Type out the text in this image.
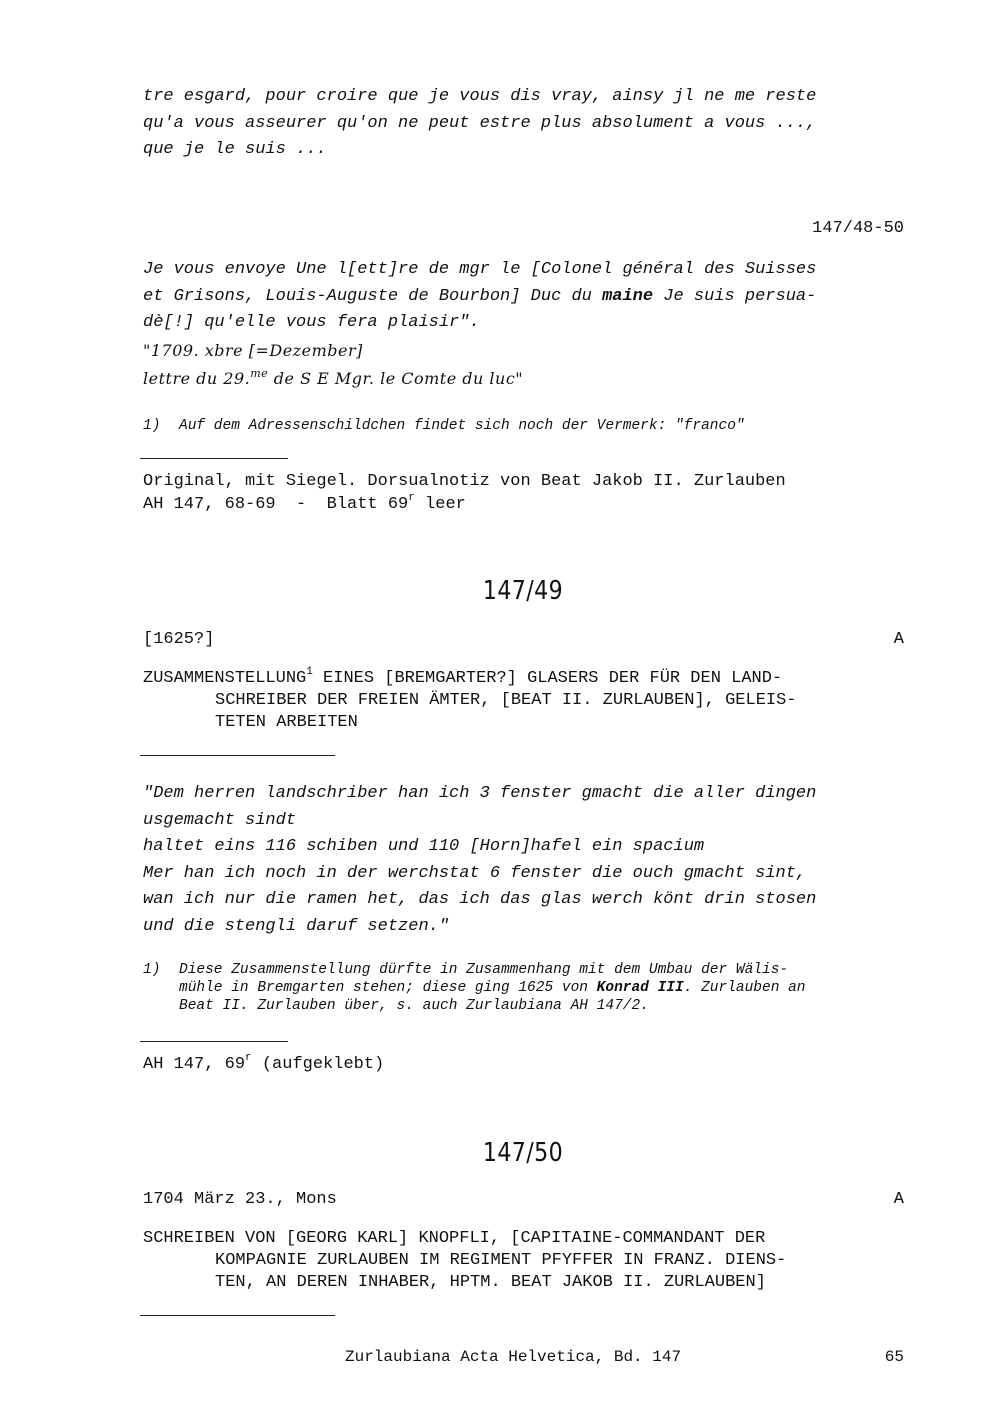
tre esgard, pour croire que je vous dis vray, ainsy jl ne me reste
qu'a vous asseurer qu'on ne peut estre plus absolument a vous ...,
que je le suis ...
147/48-50
Je vous envoye Une l[ett]re de mgr le [Colonel général des Suisses
et Grisons, Louis-Auguste de Bourbon] Duc du maine Je suis persua-
dè[!] qu'elle vous fera plaisir".
"1709. xbre [=Dezember]
lettre du 29.$^{me}$ de S E Mgr. le Comte du luc"
1) Auf dem Adressenschildchen findet sich noch der Vermerk: "franco"
Original, mit Siegel. Dorsualnotiz von Beat Jakob II. Zurlauben
AH 147, 68-69  -  Blatt 69$^r$ leer
147/49
[1625?]	A
ZUSAMMENSTELLUNG$^1$ EINES [BREMGARTER?] GLASERS DER FÜR DEN LAND-
SCHREIBER DER FREIEN ÄMTER, [BEAT II. ZURLAUBEN], GELEIS-
TETEN ARBEITEN
"Dem herren landschriber han ich 3 fenster gmacht die aller dingen
usgemacht sindt
haltet eins 116 schiben und 110 [Horn]hafel ein spacium
Mer han ich noch in der werchstat 6 fenster die ouch gmacht sint,
wan ich nur die ramen het, das ich das glas werch könt drin stosen
und die stengli daruf setzen."
1) Diese Zusammenstellung dürfte in Zusammenhang mit dem Umbau der Wälis-
mühle in Bremgarten stehen; diese ging 1625 von Konrad III. Zurlauben an
Beat II. Zurlauben über, s. auch Zurlaubiana AH 147/2.
AH 147, 69$^r$ (aufgeklebt)
147/50
1704 März 23., Mons	A
SCHREIBEN VON [GEORG KARL] KNOPFLI, [CAPITAINE-COMMANDANT DER
KOMPAGNIE ZURLAUBEN IM REGIMENT PFYFFER IN FRANZ. DIENS-
TEN, AN DEREN INHABER, HPTM. BEAT JAKOB II. ZURLAUBEN]
Zurlaubiana Acta Helvetica, Bd. 147	65
